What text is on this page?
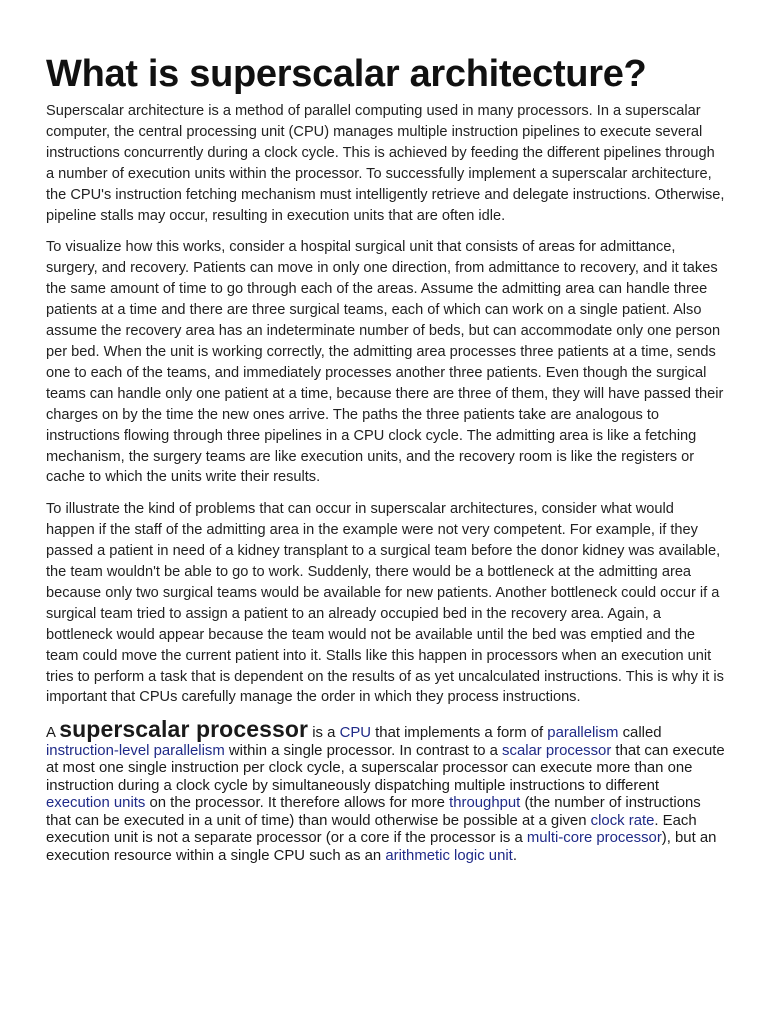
What is superscalar architecture?

Superscalar architecture is a method of parallel computing used in many processors. In a superscalar computer, the central processing unit (CPU) manages multiple instruction pipelines to execute several instructions concurrently during a clock cycle. This is achieved by feeding the different pipelines through a number of execution units within the processor. To successfully implement a superscalar architecture, the CPU's instruction fetching mechanism must intelligently retrieve and delegate instructions. Otherwise, pipeline stalls may occur, resulting in execution units that are often idle.

To visualize how this works, consider a hospital surgical unit that consists of areas for admittance, surgery, and recovery. Patients can move in only one direction, from admittance to recovery, and it takes the same amount of time to go through each of the areas. Assume the admitting area can handle three patients at a time and there are three surgical teams, each of which can work on a single patient. Also assume the recovery area has an indeterminate number of beds, but can accommodate only one person per bed. When the unit is working correctly, the admitting area processes three patients at a time, sends one to each of the teams, and immediately processes another three patients. Even though the surgical teams can handle only one patient at a time, because there are three of them, they will have passed their charges on by the time the new ones arrive. The paths the three patients take are analogous to instructions flowing through three pipelines in a CPU clock cycle. The admitting area is like a fetching mechanism, the surgery teams are like execution units, and the recovery room is like the registers or cache to which the units write their results.

To illustrate the kind of problems that can occur in superscalar architectures, consider what would happen if the staff of the admitting area in the example were not very competent. For example, if they passed a patient in need of a kidney transplant to a surgical team before the donor kidney was available, the team wouldn't be able to go to work. Suddenly, there would be a bottleneck at the admitting area because only two surgical teams would be available for new patients. Another bottleneck could occur if a surgical team tried to assign a patient to an already occupied bed in the recovery area. Again, a bottleneck would appear because the team would not be available until the bed was emptied and the team could move the current patient into it. Stalls like this happen in processors when an execution unit tries to perform a task that is dependent on the results of as yet uncalculated instructions. This is why it is important that CPUs carefully manage the order in which they process instructions.

A superscalar processor is a CPU that implements a form of parallelism called instruction-level parallelism within a single processor. In contrast to a scalar processor that can execute at most one single instruction per clock cycle, a superscalar processor can execute more than one instruction during a clock cycle by simultaneously dispatching multiple instructions to different execution units on the processor. It therefore allows for more throughput (the number of instructions that can be executed in a unit of time) than would otherwise be possible at a given clock rate. Each execution unit is not a separate processor (or a core if the processor is a multi-core processor), but an execution resource within a single CPU such as an arithmetic logic unit.
